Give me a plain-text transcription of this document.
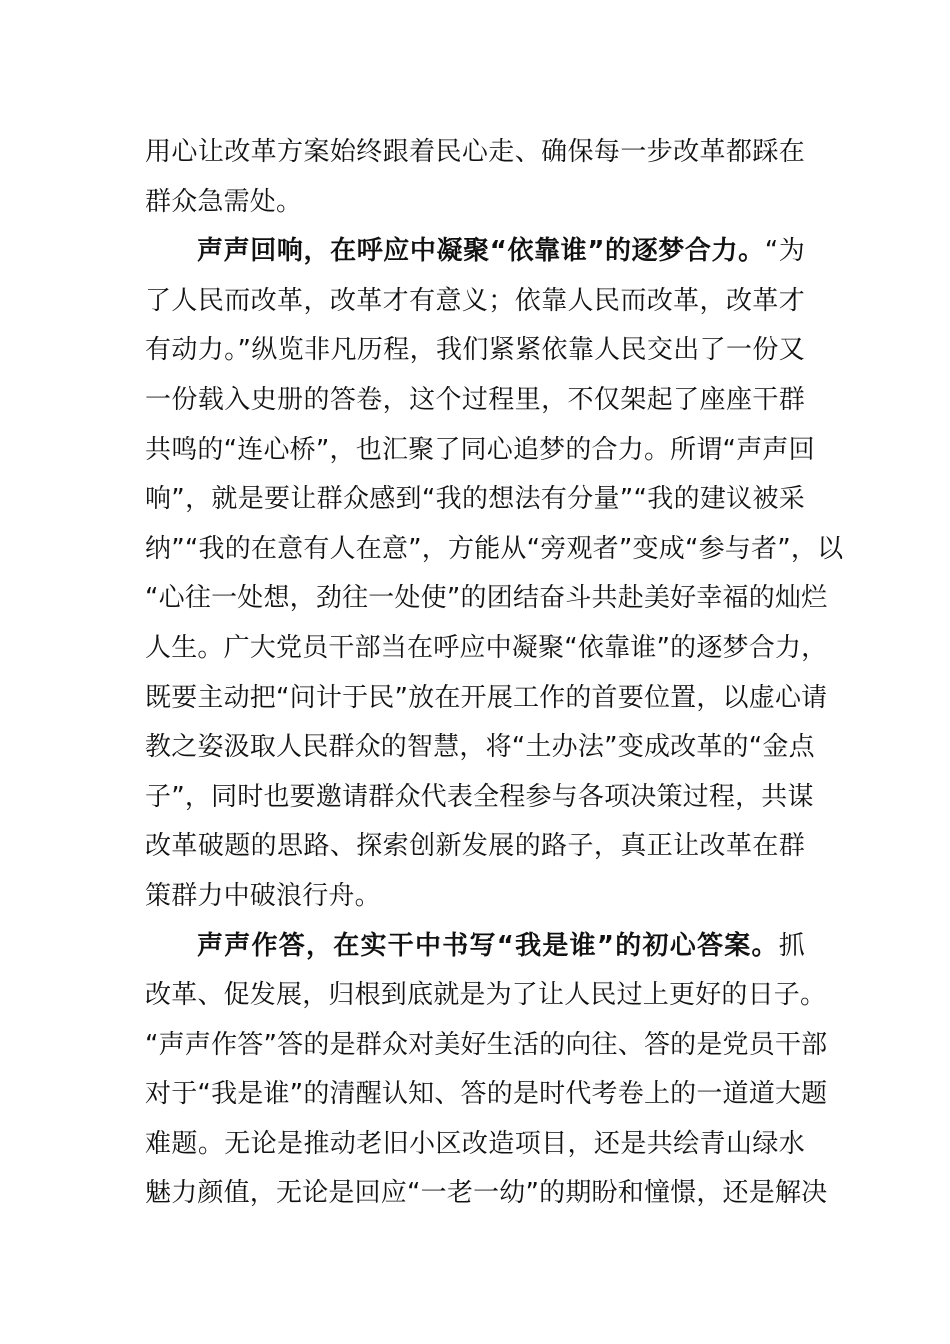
用心让改革方案始终跟着民心走、确保每一步改革都踩在
群众急需处。
声声回响，在呼应中凝聚“依靠谁”的逐梦合力。“为
了人民而改革，改革才有意义；依靠人民而改革，改革才
有动力。”纵览非凡历程，我们紧紧依靠人民交出了一份又
一份载入史册的答卷，这个过程里，不仅架起了座座干群
共鸣的“连心桥”，也汇聚了同心追梦的合力。所谓“声声回
响”，就是要让群众感到“我的想法有分量”“我的建议被采
纳”“我的在意有人在意”，方能从“旁观者”变成“参与者”，以
“心往一处想，劲往一处使”的团结奋斗共赴美好幸福的灿烂
人生。广大党员干部当在呼应中凝聚“依靠谁”的逐梦合力，
既要主动把“问计于民”放在开展工作的首要位置，以虚心请
教之姿汲取人民群众的智慧，将“土办法”变成改革的“金点
子”，同时也要邀请群众代表全程参与各项决策过程，共谋
改革破题的思路、探索创新发展的路子，真正让改革在群
策群力中破浪行舟。
声声作答，在实干中书写“我是谁”的初心答案。抓
改革、促发展，归根到底就是为了让人民过上更好的日子。
“声声作答”答的是群众对美好生活的向往、答的是党员干部
对于“我是谁”的清醒认知、答的是时代考卷上的一道道大题
难题。无论是推动老旧小区改造项目，还是共绘青山绿水
魅力颜值，无论是回应“一老一幼”的期盼和憧憬，还是解决
